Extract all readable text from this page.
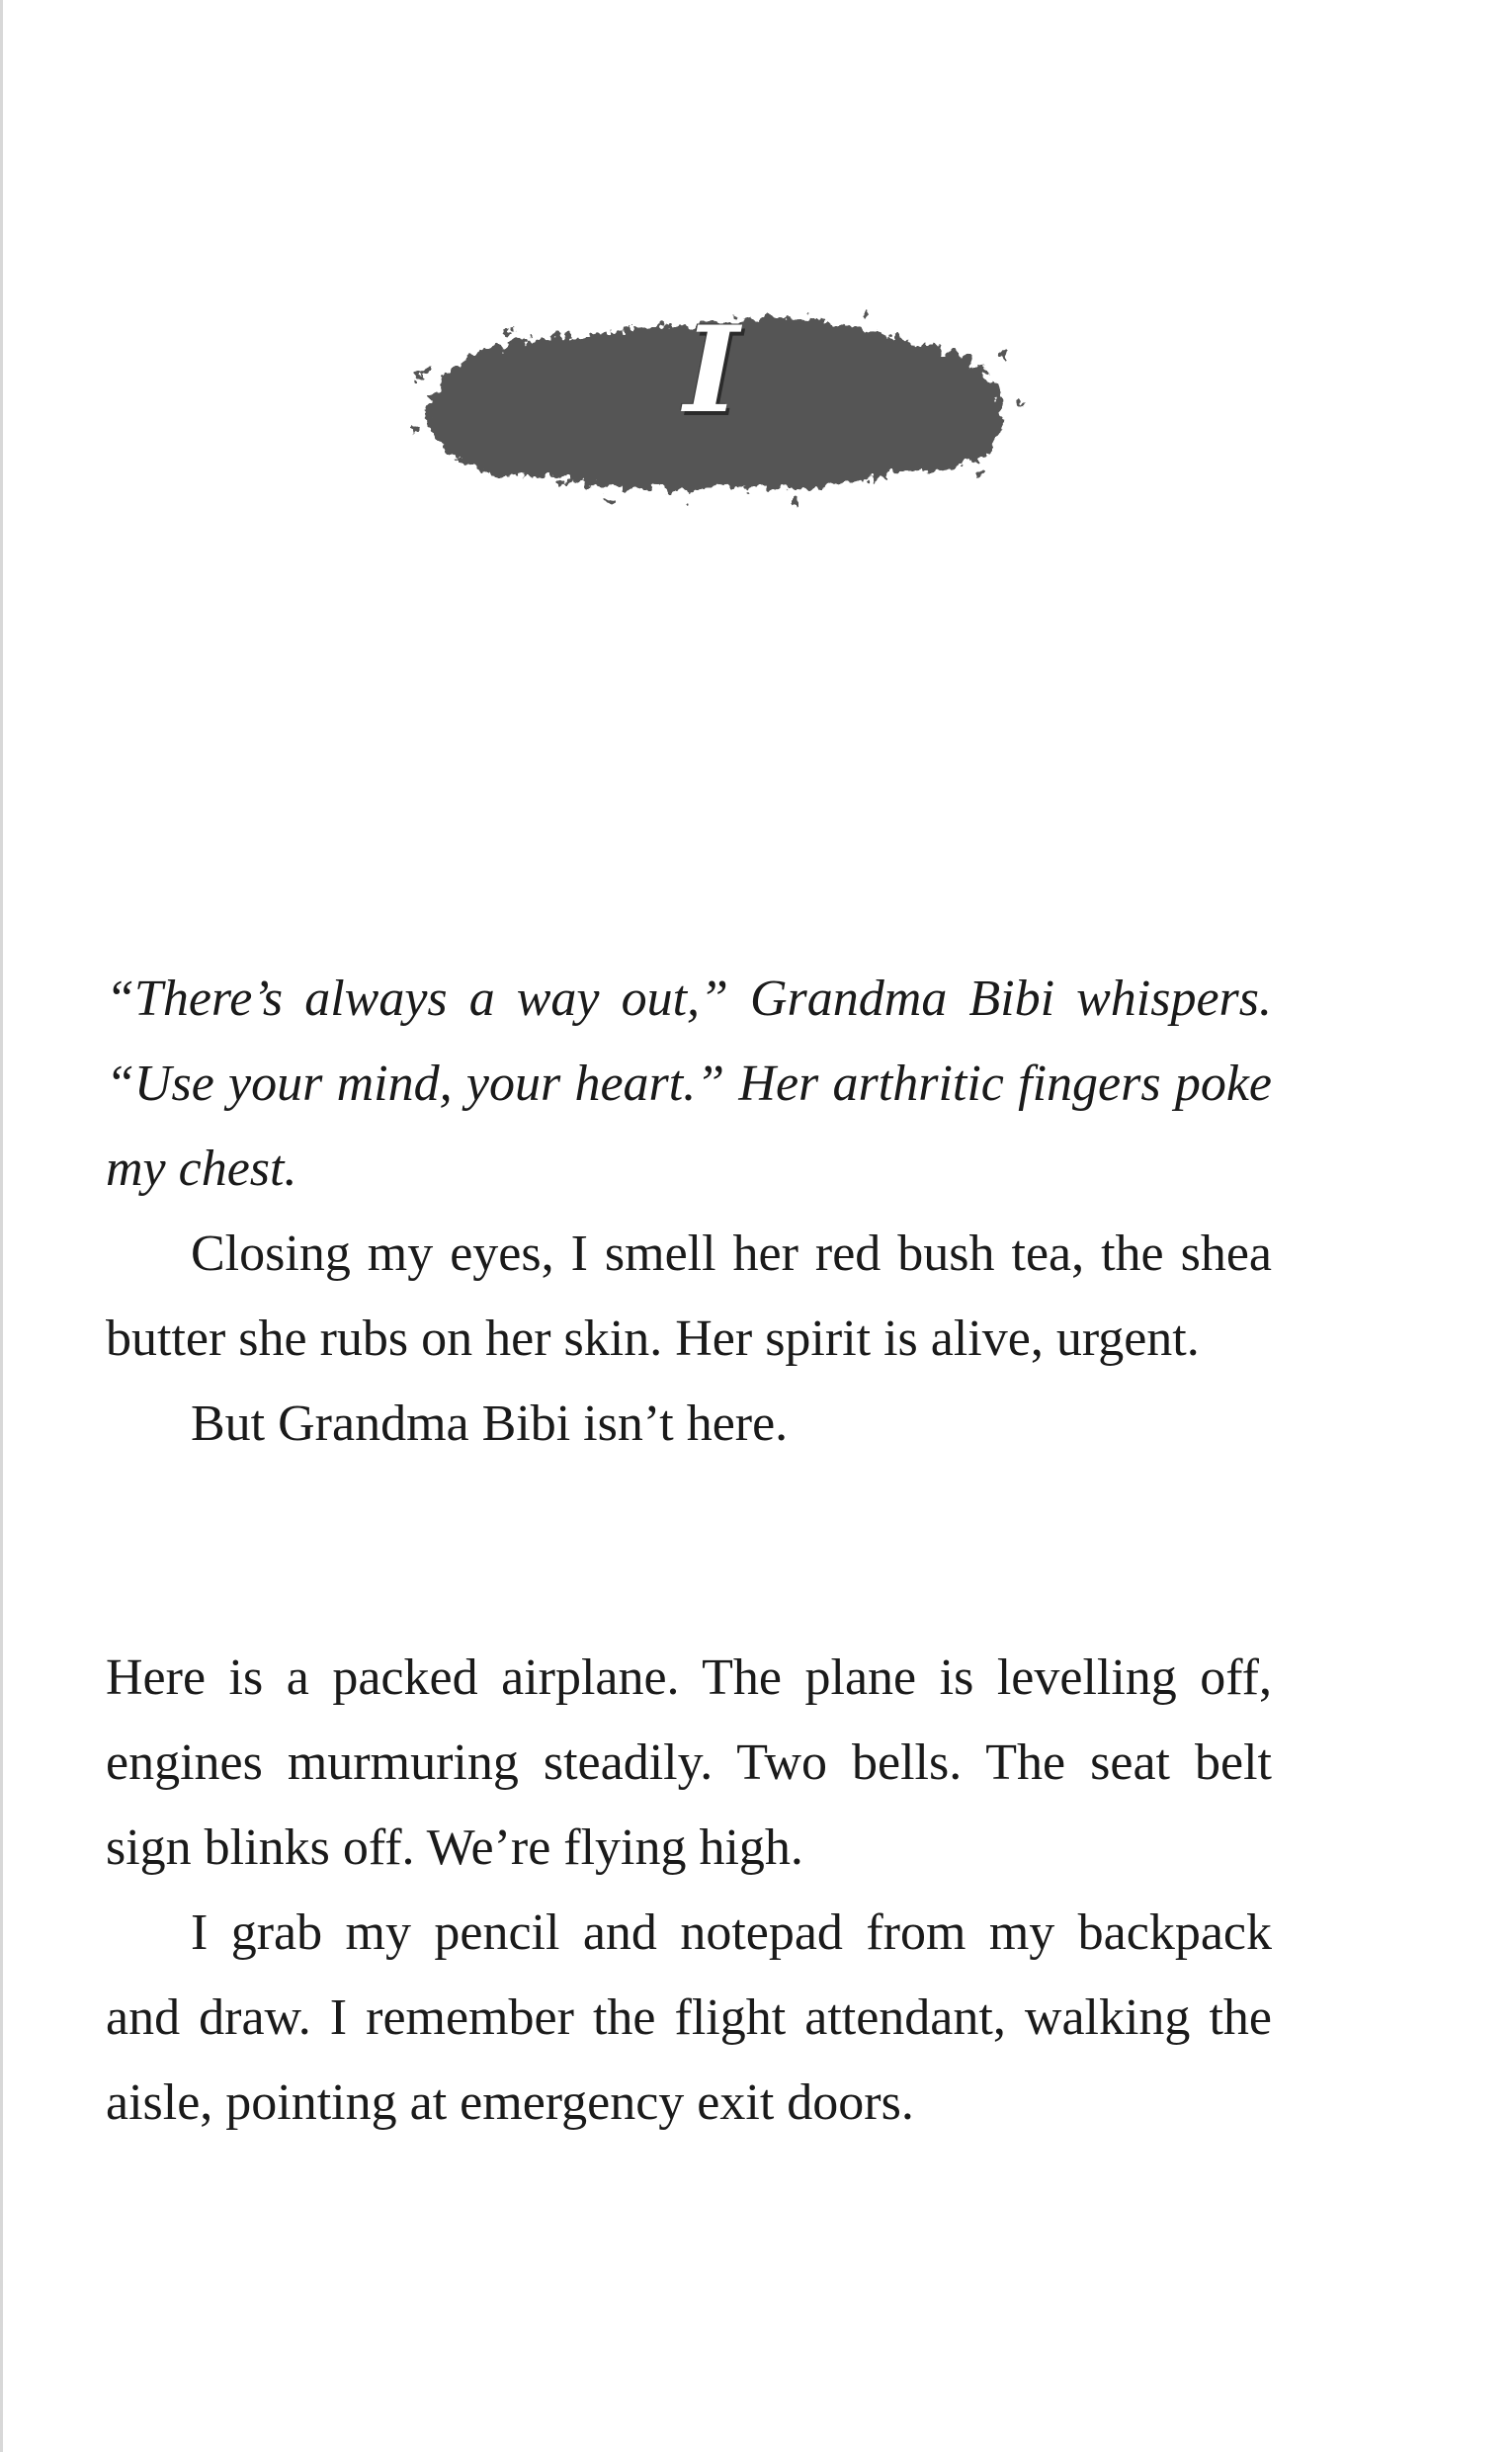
I

“There’s always a way out,” Grandma Bibi whispers. “Use your mind, your heart.” Her arthritic fingers poke my chest.

Closing my eyes, I smell her red bush tea, the shea butter she rubs on her skin. Her spirit is alive, urgent.

But Grandma Bibi isn’t here.

Here is a packed airplane. The plane is levelling off, engines murmuring steadily. Two bells. The seat belt sign blinks off. We’re flying high.

I grab my pencil and notepad from my backpack and draw. I remember the flight attendant, walking the aisle, pointing at emergency exit doors.
